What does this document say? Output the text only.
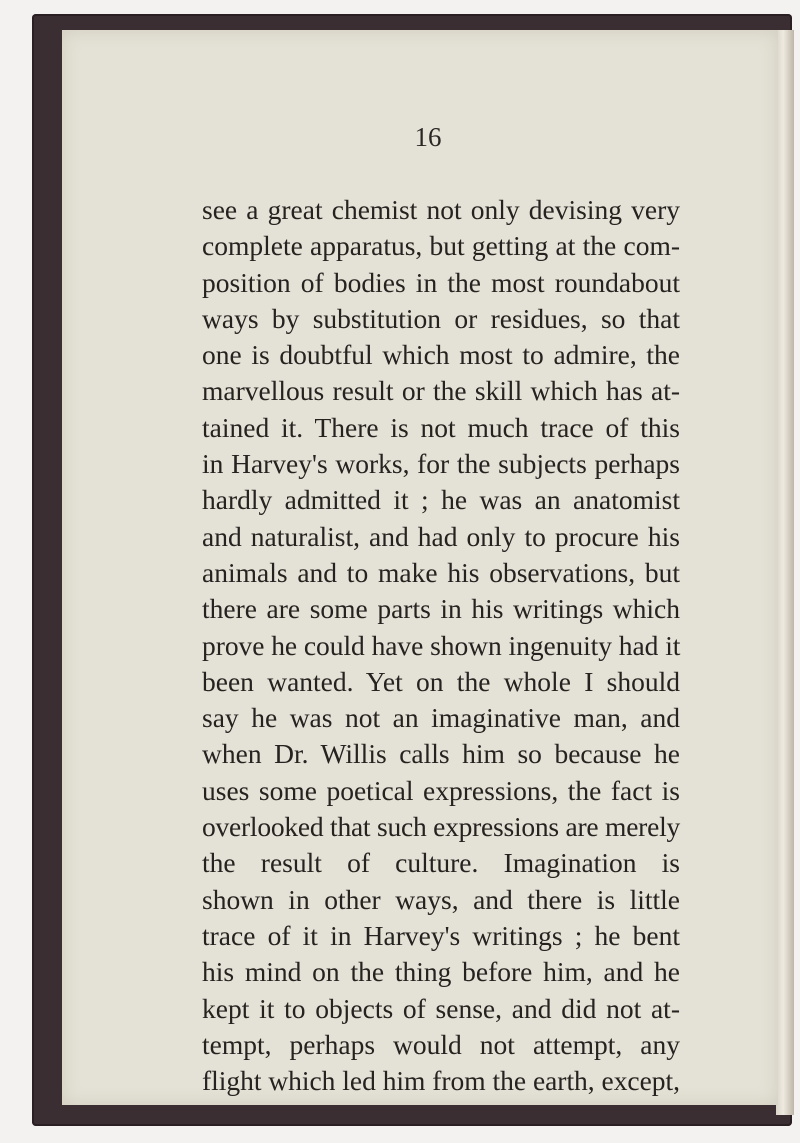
16
see a great chemist not only devising very
complete apparatus, but getting at the com-
position of bodies in the most roundabout
ways by substitution or residues, so that
one is doubtful which most to admire, the
marvellous result or the skill which has at-
tained it. There is not much trace of this
in Harvey's works, for the subjects perhaps
hardly admitted it ; he was an anatomist
and naturalist, and had only to procure his
animals and to make his observations, but
there are some parts in his writings which
prove he could have shown ingenuity had it
been wanted. Yet on the whole I should
say he was not an imaginative man, and
when Dr. Willis calls him so because he
uses some poetical expressions, the fact is
overlooked that such expressions are merely
the result of culture. Imagination is
shown in other ways, and there is little
trace of it in Harvey's writings ; he bent
his mind on the thing before him, and he
kept it to objects of sense, and did not at-
tempt, perhaps would not attempt, any
flight which led him from the earth, except,
